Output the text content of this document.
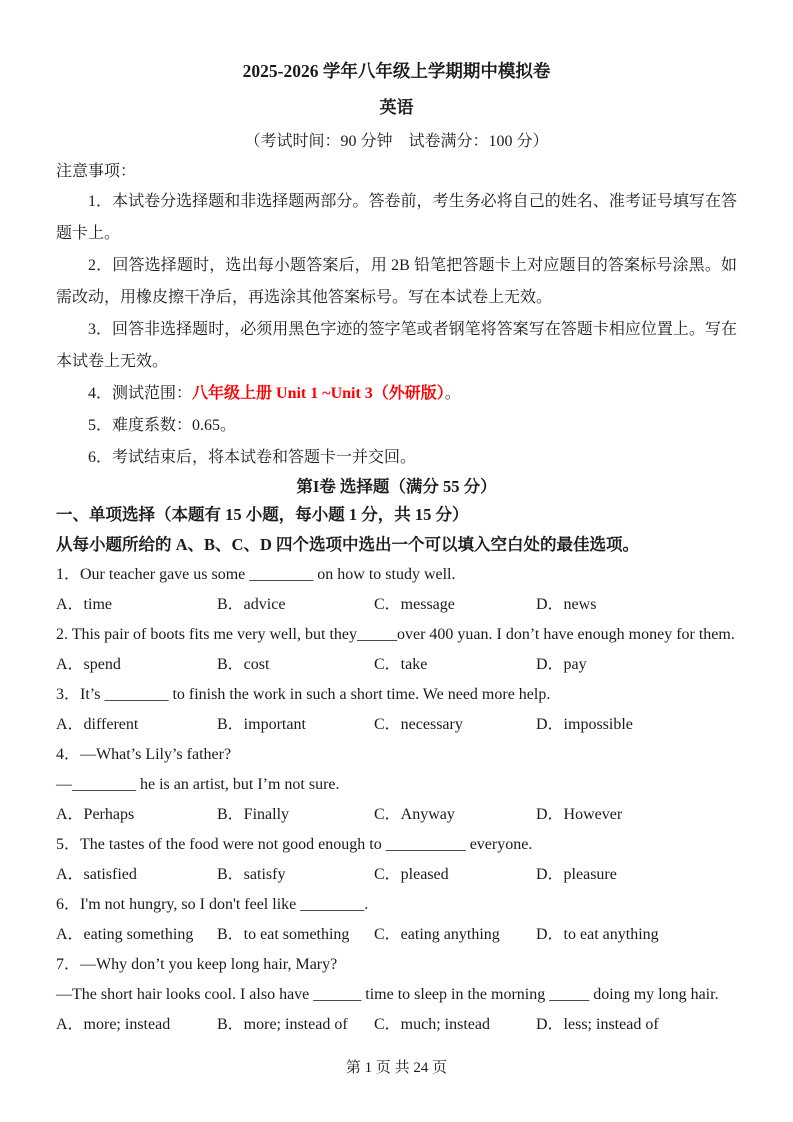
2025-2026 学年八年级上学期期中模拟卷

英语

（考试时间：90 分钟　试卷满分：100 分）

注意事项：

1．本试卷分选择题和非选择题两部分。答卷前，考生务必将自己的姓名、准考证号填写在答题卡上。

2．回答选择题时，选出每小题答案后，用 2B 铅笔把答题卡上对应题目的答案标号涂黑。如需改动，用橡皮擦干净后，再选涂其他答案标号。写在本试卷上无效。

3．回答非选择题时，必须用黑色字迹的签字笔或者钢笔将答案写在答题卡相应位置上。写在本试卷上无效。

4．测试范围：八年级上册 Unit 1 ~Unit 3（外研版）。

5．难度系数：0.65。

6．考试结束后，将本试卷和答题卡一并交回。

第I卷 选择题（满分 55 分）

一、单项选择（本题有 15 小题，每小题 1 分，共 15 分）

从每小题所给的 A、B、C、D 四个选项中选出一个可以填入空白处的最佳选项。

1．Our teacher gave us some ________ on how to study well.

A．time	B．advice	C．message	D．news

2. This pair of boots fits me very well, but they_____over 400 yuan. I don’t have enough money for them.

A．spend	B．cost	C．take	D．pay

3．It’s ________ to finish the work in such a short time. We need more help.

A．different	B．important	C．necessary	D．impossible

4．—What’s Lily’s father?

—________ he is an artist, but I’m not sure.

A．Perhaps	B．Finally	C．Anyway	D．However

5．The tastes of the food were not good enough to __________ everyone.

A．satisfied	B．satisfy	C．pleased	D．pleasure

6．I'm not hungry, so I don't feel like ________.

A．eating something	B．to eat something	C．eating anything	D．to eat anything

7．—Why don’t you keep long hair, Mary?

—The short hair looks cool. I also have ______ time to sleep in the morning _____ doing my long hair.

A．more; instead	B．more; instead of	C．much; instead	D．less; instead of

第 1 页 共 24 页
